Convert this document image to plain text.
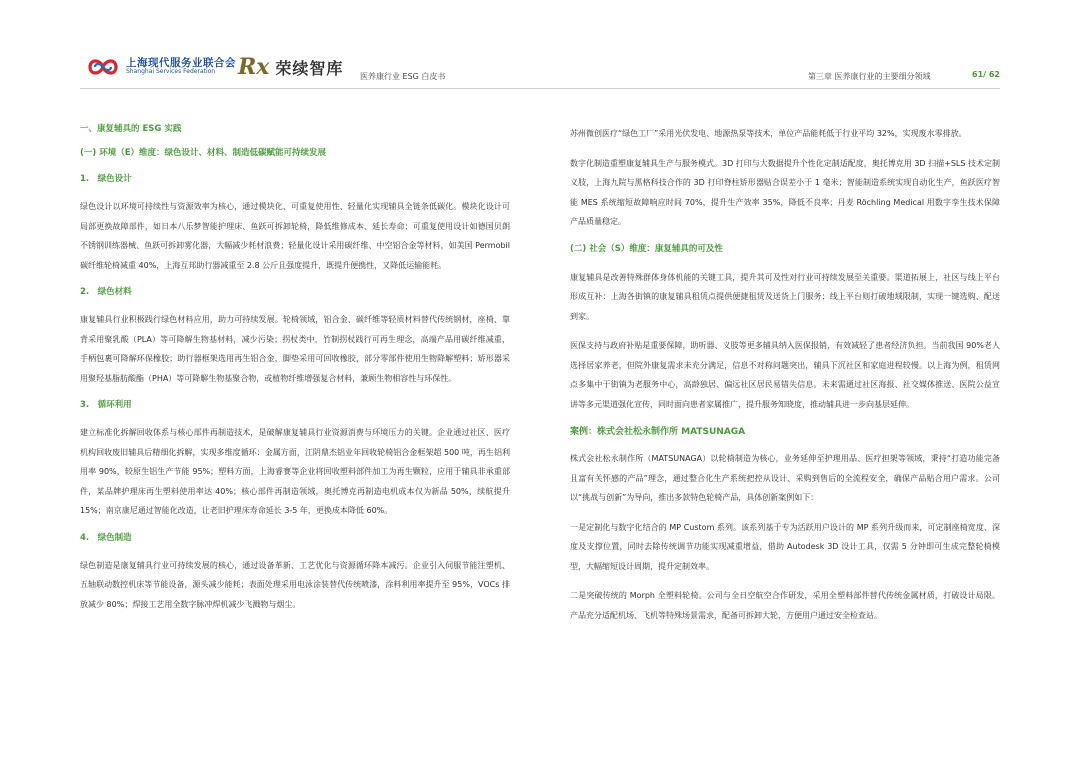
上海现代服务业联合会
Shanghai Services Federation	Rx 荣续智库 医养康行业 ESG 白皮书	第三章 医养康行业的主要细分领域	61/ 62
一、康复辅具的 ESG 实践
(一) 环境（E）维度：绿色设计、材料、制造低碳赋能可持续发展
1.　绿色设计

绿色设计以环境可持续性与资源效率为核心，通过模块化、可重复使用性、轻量化实现辅具全链条低碳化。模块化设计可局部更换故障部件，如日本八乐梦智能护理床、鱼跃可拆卸轮椅，降低维修成本、延长寿命；可重复使用设计如德国贝朗不锈钢训练器械、鱼跃可拆卸雾化器，大幅减少耗材浪费；轻量化设计采用碳纤维、中空铝合金等材料，如美国 Permobil 碳纤维轮椅减重 40%，上海互邦助行器减重至 2.8 公斤且强度提升，既提升便携性，又降低运输能耗。

2.　绿色材料

康复辅具行业积极践行绿色材料应用，助力可持续发展。轮椅领域，铝合金、碳纤维等轻质材料替代传统钢材，座椅、靠背采用聚乳酸（PLA）等可降解生物基材料，减少污染；拐杖类中，竹制拐杖践行可再生理念，高端产品用碳纤维减重，手柄包裹可降解环保橡胶；助行器框架选用再生铝合金，脚垫采用可回收橡胶，部分零部件使用生物降解塑料；矫形器采用聚羟基脂肪酸酯（PHA）等可降解生物基聚合物，或植物纤维增强复合材料，兼顾生物相容性与环保性。

3.　循环利用

建立标准化拆解回收体系与核心部件再制造技术，是破解康复辅具行业资源消费与环境压力的关键。企业通过社区、医疗机构回收废旧辅具后精细化拆解，实现多维度循环：金属方面，江阴鼎杰铝业年回收轮椅铝合金框架超 500 吨，再生铝利用率 90%，较原生铝生产节能 95%；塑料方面，上海睿赛等企业将回收塑料部件加工为再生颗粒，应用于辅具非承重部件，某品牌护理床再生塑料使用率达 40%；核心部件再制造领域，奥托博克再制造电机成本仅为新品 50%，续航提升 15%；南京康尼通过智能化改造，让老旧护理床寿命延长 3-5 年，更换成本降低 60%。

4.　绿色制造

绿色制造是康复辅具行业可持续发展的核心，通过设备革新、工艺优化与资源循环降本减污。企业引入伺服节能注塑机、五轴联动数控机床等节能设备，源头减少能耗；表面处理采用电泳涂装替代传统喷漆，涂料利用率提升至 95%，VOCs 排放减少 80%；焊接工艺用全数字脉冲焊机减少飞溅物与烟尘。

苏州微创医疗“绿色工厂”采用光伏发电、地源热泵等技术，单位产品能耗低于行业平均 32%，实现废水零排放。

数字化制造重塑康复辅具生产与服务模式。3D 打印与大数据提升个性化定制适配度，奥托博克用 3D 扫描+SLS 技术定制义肢，上海九院与黑格科技合作的 3D 打印脊柱矫形器贴合误差小于 1 毫米；智能制造系统实现自动化生产，鱼跃医疗智能 MES 系统缩短故障响应时间 70%，提升生产效率 35%，降低不良率；丹麦 Röchling Medical 用数字孪生技术保障产品质量稳定。

(二) 社会（S）维度：康复辅具的可及性

康复辅具是改善特殊群体身体机能的关键工具，提升其可及性对行业可持续发展至关重要。渠道拓展上，社区与线上平台形成互补：上海各街镇的康复辅具租赁点提供便捷租赁及送货上门服务；线上平台则打破地域限制，实现一键选购、配送到家。

医保支持与政府补贴是重要保障，助听器、义肢等更多辅具纳入医保报销，有效减轻了患者经济负担。当前我国 90%老人选择居家养老，但院外康复需求未充分满足，信息不对称问题突出，辅具下沉社区和家庭进程较慢。以上海为例，租赁网点多集中于街镇为老服务中心，高龄独居、偏远社区居民易错失信息。未来需通过社区海报、社交媒体推送、医院公益宣讲等多元渠道强化宣传，同时面向患者家属推广，提升服务知晓度，推动辅具进一步向基层延伸。

案例：株式会社松永制作所 MATSUNAGA

株式会社松永制作所（MATSUNAGA）以轮椅制造为核心，业务延伸至护理用品、医疗担架等领域，秉持“打造功能完备且富有关怀感的产品”理念，通过整合化生产系统把控从设计、采购到售后的全流程安全，确保产品贴合用户需求。公司以“挑战与创新”为导向，推出多款特色轮椅产品，具体创新案例如下：

一是定制化与数字化结合的 MP Custom 系列。该系列基于专为活跃用户设计的 MP 系列升级而来，可定制座椅宽度、深度及支撑位置，同时去除传统调节功能实现减重增益，借助 Autodesk 3D 设计工具，仅需 5 分钟即可生成完整轮椅模型，大幅缩短设计周期，提升定制效率。

二是突破传统的 Morph 全塑料轮椅。公司与全日空航空合作研发，采用全塑料部件替代传统金属材质，打破设计局限。产品充分适配机场、飞机等特殊场景需求，配备可拆卸大轮，方便用户通过安全检查站。
